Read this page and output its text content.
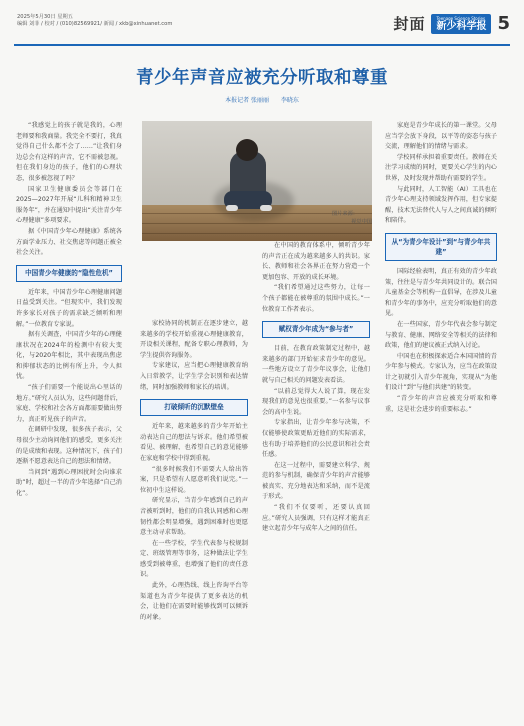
2025年5月30日 星期五
编辑 刘菲 / 校对 / (010)82569921/ 新闻 / xkb@xinhuanet.com	封面	Teenage Science Stories
新少科学报 5
青少年声音应被充分听取和尊重
本报记者 张丽丽 李晓东
图片来源：

视觉中国

“我感觉上的孩子就是我的，心理老师要和我商量。我完全不要打，我真觉得自己什么都不会了……”让我们身边总会有这样的声音，它不需被忽视。但在我们身边的孩子，他们的心理状态，很多被忽视了吗？

国家卫生健康委员会等部门在2025—2027年开展“儿科和精神卫生服务年”，并在通知中提出“关注青少年心理健康”多项要求。

据《中国青少年心理健康》系统各方面学业压力、社交焦虑等问题正被全社会关注。

中国青少年健康的“隐性危机”

近年来，中国青少年心理健康问题日益受到关注。“但现实中，我们发现许多家长对孩子的需求缺乏倾听和理解。”一位教育专家说。

据有关调查，中国青少年的心理健康状况在2024年的检测中有较大变化，与2020年相比，其中表现出焦虑和抑郁状态的比例有所上升，令人担忧。

“孩子们需要一个能说出心里话的地方。”研究人员认为，这些问题背后，家庭、学校和社会各方面都需要做出努力，真正听见孩子的声音。

在调研中发现，很多孩子表示，父母很少主动询问他们的感受，更多关注的是成绩和表现。这种情况下，孩子们逐渐不愿意表达自己的想法和情绪。

当问到“遇到心理困扰时会向谁求助”时，超过一半的青少年选择“自己消化”。

家校协同的机制正在逐步建立，越来越多的学校开始重视心理健康教育，开设相关课程，配备专职心理教师，为学生提供咨询服务。

专家建议，应当把心理健康教育纳入日常教学，让学生学会识别和表达情绪，同时加强教师和家长的培训。

打破倾听的沉默壁垒

近年来，越来越多的青少年开始主动表达自己的想法与诉求。他们希望被看见、被理解，也希望自己的意见能够在家庭和学校中得到重视。

“很多时候我们不需要大人给出答案，只是希望有人愿意听我们说完。”一位初中生这样说。

研究显示，当青少年感到自己的声音被听到时，他们的自我认同感和心理韧性都会明显增强，遇到困难时也更愿意主动寻求帮助。

在一些学校，学生代表参与校规制定、班级管理等事务，这种做法让学生感受到被尊重，也增强了他们的责任意识。

此外，心理热线、线上咨询平台等渠道也为青少年提供了更多表达的机会，让他们在需要时能够找到可以倾诉的对象。

在中国的教育体系中，倾听青少年的声音正在成为越来越多人的共识。家长、教师和社会各界正在努力营造一个更加包容、开放的成长环境。

“我们希望通过这些努力，让每一个孩子都能在被尊重的氛围中成长。”一位教育工作者表示。

赋权青少年成为“参与者”

目前，在教育政策制定过程中，越来越多的部门开始征求青少年的意见。一些地方设立了青少年议事会，让他们就与自己相关的问题发表看法。

“以前总觉得大人说了算，现在发现我们的意见也很重要。”一名参与议事会的高中生说。

专家指出，让青少年参与决策，不仅能够使政策更贴近他们的实际需求，也有助于培养他们的公民意识和社会责任感。

在这一过程中，需要建立科学、规范的参与机制，确保青少年的声音能够被真实、充分地表达和采纳，而不是流于形式。

“我们不仅要听，还要认真回应。”研究人员强调，只有这样才能真正建立起青少年与成年人之间的信任。

家庭是青少年成长的第一课堂。父母应当学会放下身段，以平等的姿态与孩子交流，理解他们的情绪与需求。

学校同样承担着重要责任。教师在关注学习成绩的同时，更要关心学生的内心世界，及时发现并帮助有需要的学生。

与此同时，人工智能（AI）工具也在青少年心理支持领域发挥作用，但专家提醒，技术无法替代人与人之间真诚的倾听和陪伴。

从“为青少年设计”到“与青少年共建”

国际经验表明，真正有效的青少年政策，往往是与青少年共同设计的。联合国儿童基金会等机构一直倡导，在涉及儿童和青少年的事务中，应充分听取他们的意见。

在一些国家，青少年代表会参与制定与教育、健康、网络安全等相关的法律和政策，他们的建议被正式纳入讨论。

中国也在积极探索适合本国国情的青少年参与模式。专家认为，应当在政策设计之初就引入青少年视角，实现从“为他们设计”到“与他们共建”的转变。

“青少年的声音应被充分听取和尊重，这是社会进步的重要标志。”
